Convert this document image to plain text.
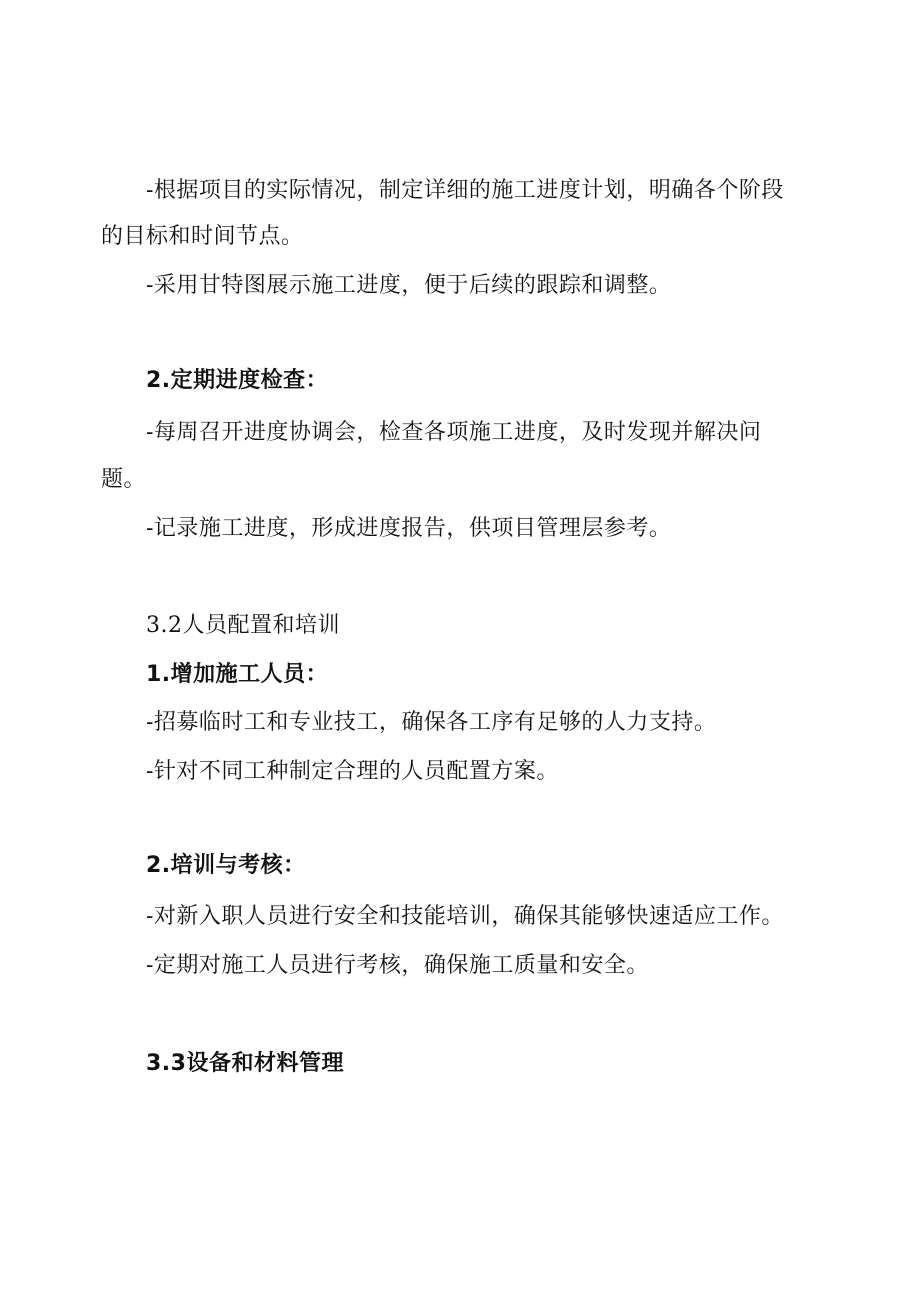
-根据项目的实际情况，制定详细的施工进度计划，明确各个阶段
的目标和时间节点。
-采用甘特图展示施工进度，便于后续的跟踪和调整。
2.定期进度检查：
-每周召开进度协调会，检查各项施工进度，及时发现并解决问
题。
-记录施工进度，形成进度报告，供项目管理层参考。
3.2人员配置和培训
1.增加施工人员：
-招募临时工和专业技工，确保各工序有足够的人力支持。
-针对不同工种制定合理的人员配置方案。
2.培训与考核：
-对新入职人员进行安全和技能培训，确保其能够快速适应工作。
-定期对施工人员进行考核，确保施工质量和安全。
3.3设备和材料管理
